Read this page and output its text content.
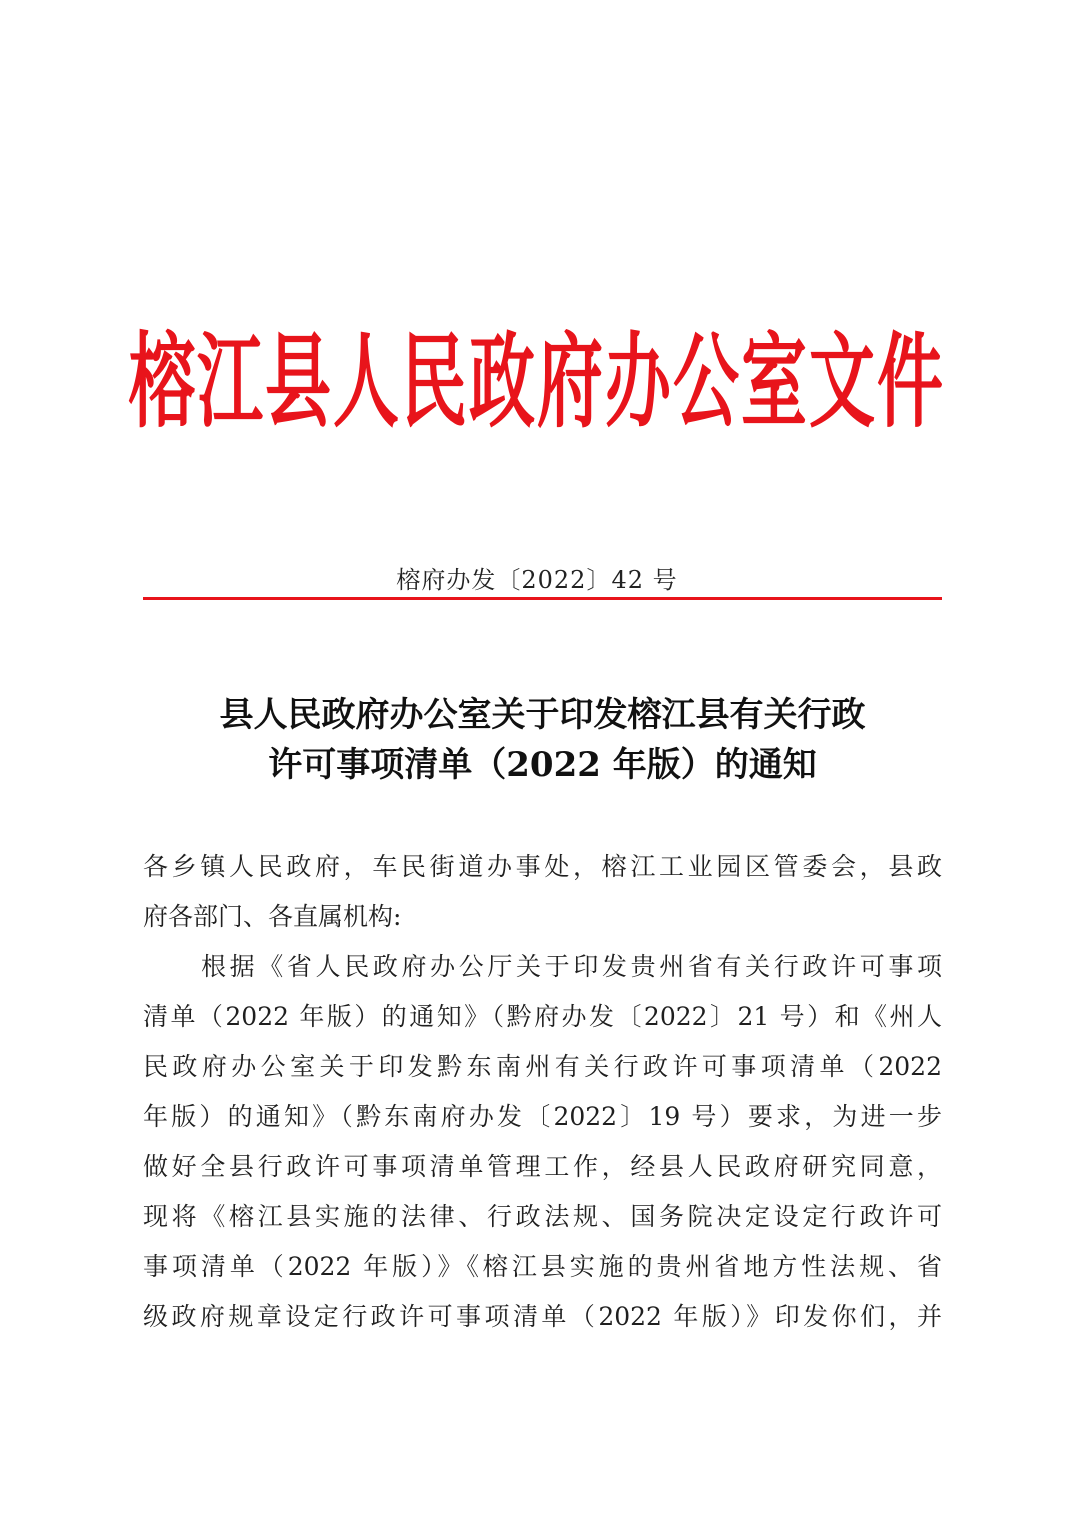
榕江县人民政府办公室文件
榕府办发〔2022〕42 号
县人民政府办公室关于印发榕江县有关行政
许可事项清单（2022 年版）的通知
各乡镇人民政府，车民街道办事处，榕江工业园区管委会，县政
府各部门、各直属机构:
根据《省人民政府办公厅关于印发贵州省有关行政许可事项
清单（2022 年版）的通知》（黔府办发〔2022〕21 号）和《州人
民政府办公室关于印发黔东南州有关行政许可事项清单（2022
年版）的通知》（黔东南府办发〔2022〕19 号）要求，为进一步
做好全县行政许可事项清单管理工作，经县人民政府研究同意，
现将《榕江县实施的法律、行政法规、国务院决定设定行政许可
事项清单（2022 年版）》《榕江县实施的贵州省地方性法规、省
级政府规章设定行政许可事项清单（2022 年版）》印发你们，并
